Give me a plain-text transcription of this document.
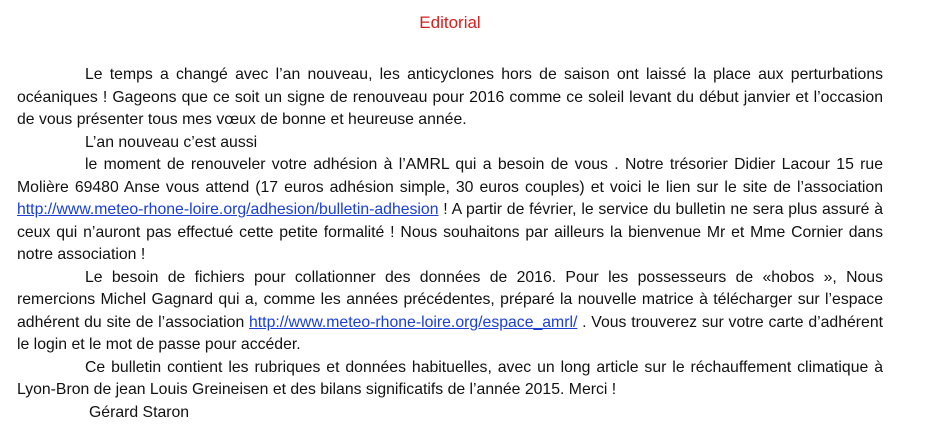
Editorial

Le temps a changé avec l’an nouveau, les anticyclones hors de saison ont laissé la place aux perturbations océaniques ! Gageons que ce soit un signe de renouveau pour 2016 comme ce soleil levant du début janvier et l’occasion de vous présenter tous mes vœux de bonne et heureuse année.

L’an nouveau c’est aussi

le moment de renouveler votre adhésion à l’AMRL qui a besoin de vous . Notre trésorier Didier Lacour 15 rue Molière 69480 Anse vous attend (17 euros adhésion simple, 30 euros couples) et voici le lien sur le site de l’association http://www.meteo-rhone-loire.org/adhesion/bulletin-adhesion ! A partir de février, le service du bulletin ne sera plus assuré à ceux qui n’auront pas effectué cette petite formalité ! Nous souhaitons par ailleurs la bienvenue Mr et Mme Cornier dans notre association !

Le besoin de fichiers pour collationner des données de 2016. Pour les possesseurs de «hobos », Nous remercions Michel Gagnard qui a, comme les années précédentes, préparé la nouvelle matrice à télécharger sur l’espace adhérent du site de l’association http://www.meteo-rhone-loire.org/espace_amrl/ . Vous trouverez sur votre carte d’adhérent le login et le mot de passe pour accéder.

Ce bulletin contient les rubriques et données habituelles, avec un long article sur le réchauffement climatique à Lyon-Bron de jean Louis Greineisen et des bilans significatifs de l’année 2015. Merci !

Gérard Staron
